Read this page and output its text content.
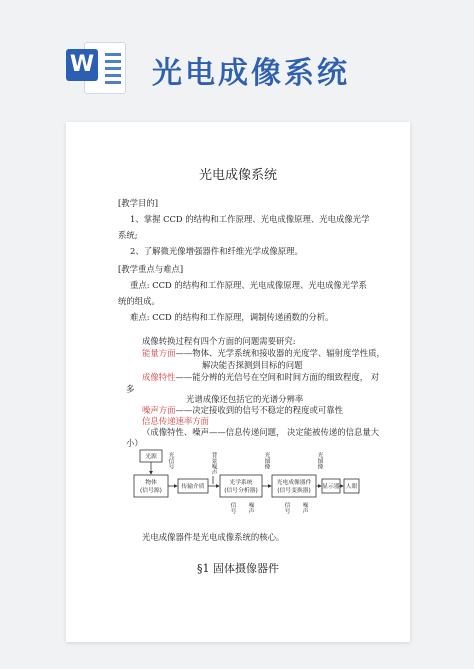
W 光电成像系统
光电成像系统
[教学目的]
1、掌握 CCD 的结构和工作原理、光电成像原理、光电成像光学
系统;
2、了解微光像增强器件和纤维光学成像原理。
[教学重点与难点]
重点: CCD 的结构和工作原理、光电成像原理、光电成像光学系
统的组成。
难点: CCD 的结构和工作原理，调制传递函数的分析。
成像转换过程有四个方面的问题需要研究:
能量方面——物体、光学系统和接收器的光度学、辐射度学性质，
解决能否探测到目标的问题
成像特性——能分辨的光信号在空间和时间方面的细致程度， 对
多
光谱成像还包括它的光谱分辨率
噪声方面——决定接收到的信号不稳定的程度或可靠性
信息传递速率方面
（成像特性、噪声——信息传递问题， 决定能被传递的信息量大
小）
光源
物体
(信号源)
传输介质
光学系统
(信号分析器)
光电成像器件
(信号变换器)
显示器 人眼
光信号	背景噪声	光图像	光图像
信号 噪声	信号 噪声
光电成像器件是光电成像系统的核心。
§1 固体摄像器件
